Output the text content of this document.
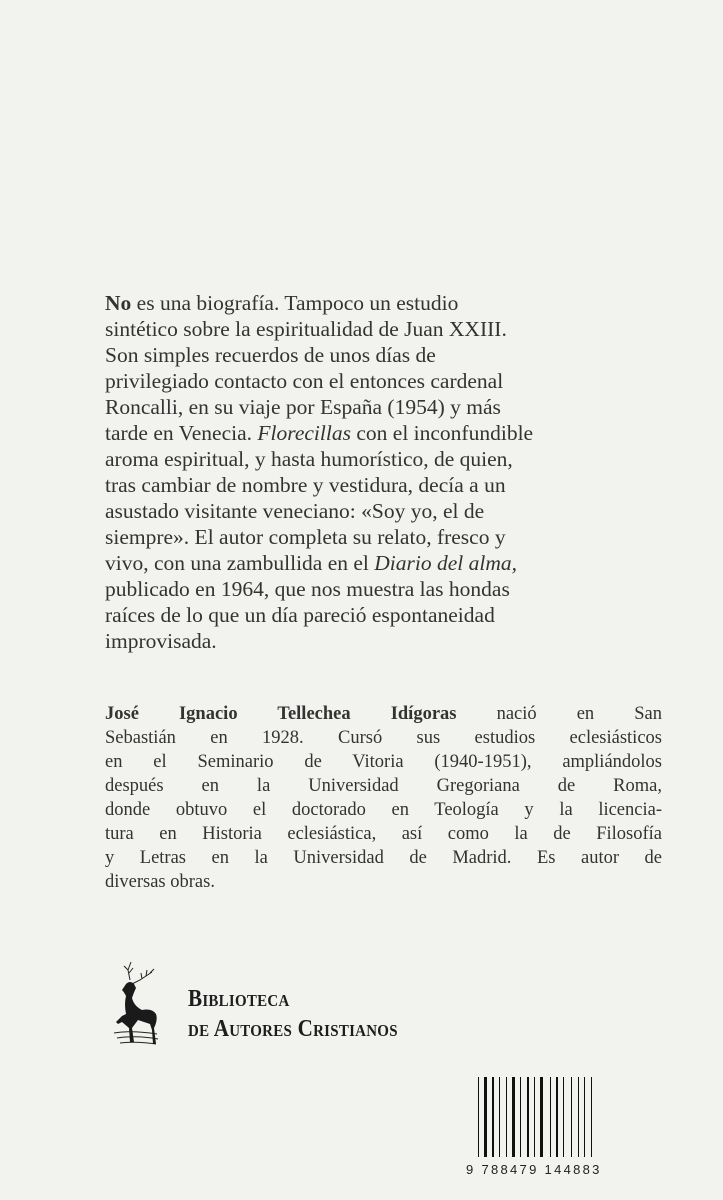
No es una biografía. Tampoco un estudio
sintético sobre la espiritualidad de Juan XXIII.
Son simples recuerdos de unos días de
privilegiado contacto con el entonces cardenal
Roncalli, en su viaje por España (1954) y más
tarde en Venecia. Florecillas con el inconfundible
aroma espiritual, y hasta humorístico, de quien,
tras cambiar de nombre y vestidura, decía a un
asustado visitante veneciano: «Soy yo, el de
siempre». El autor completa su relato, fresco y
vivo, con una zambullida en el Diario del alma,
publicado en 1964, que nos muestra las hondas
raíces de lo que un día pareció espontaneidad
improvisada.
José Ignacio Tellechea Idígoras nació en San
Sebastián en 1928. Cursó sus estudios eclesiásticos
en el Seminario de Vitoria (1940-1951), ampliándolos
después en la Universidad Gregoriana de Roma,
donde obtuvo el doctorado en Teología y la licencia-
tura en Historia eclesiástica, así como la de Filosofía
y Letras en la Universidad de Madrid. Es autor de
diversas obras.
Biblioteca
de Autores Cristianos
9 788479 144883
